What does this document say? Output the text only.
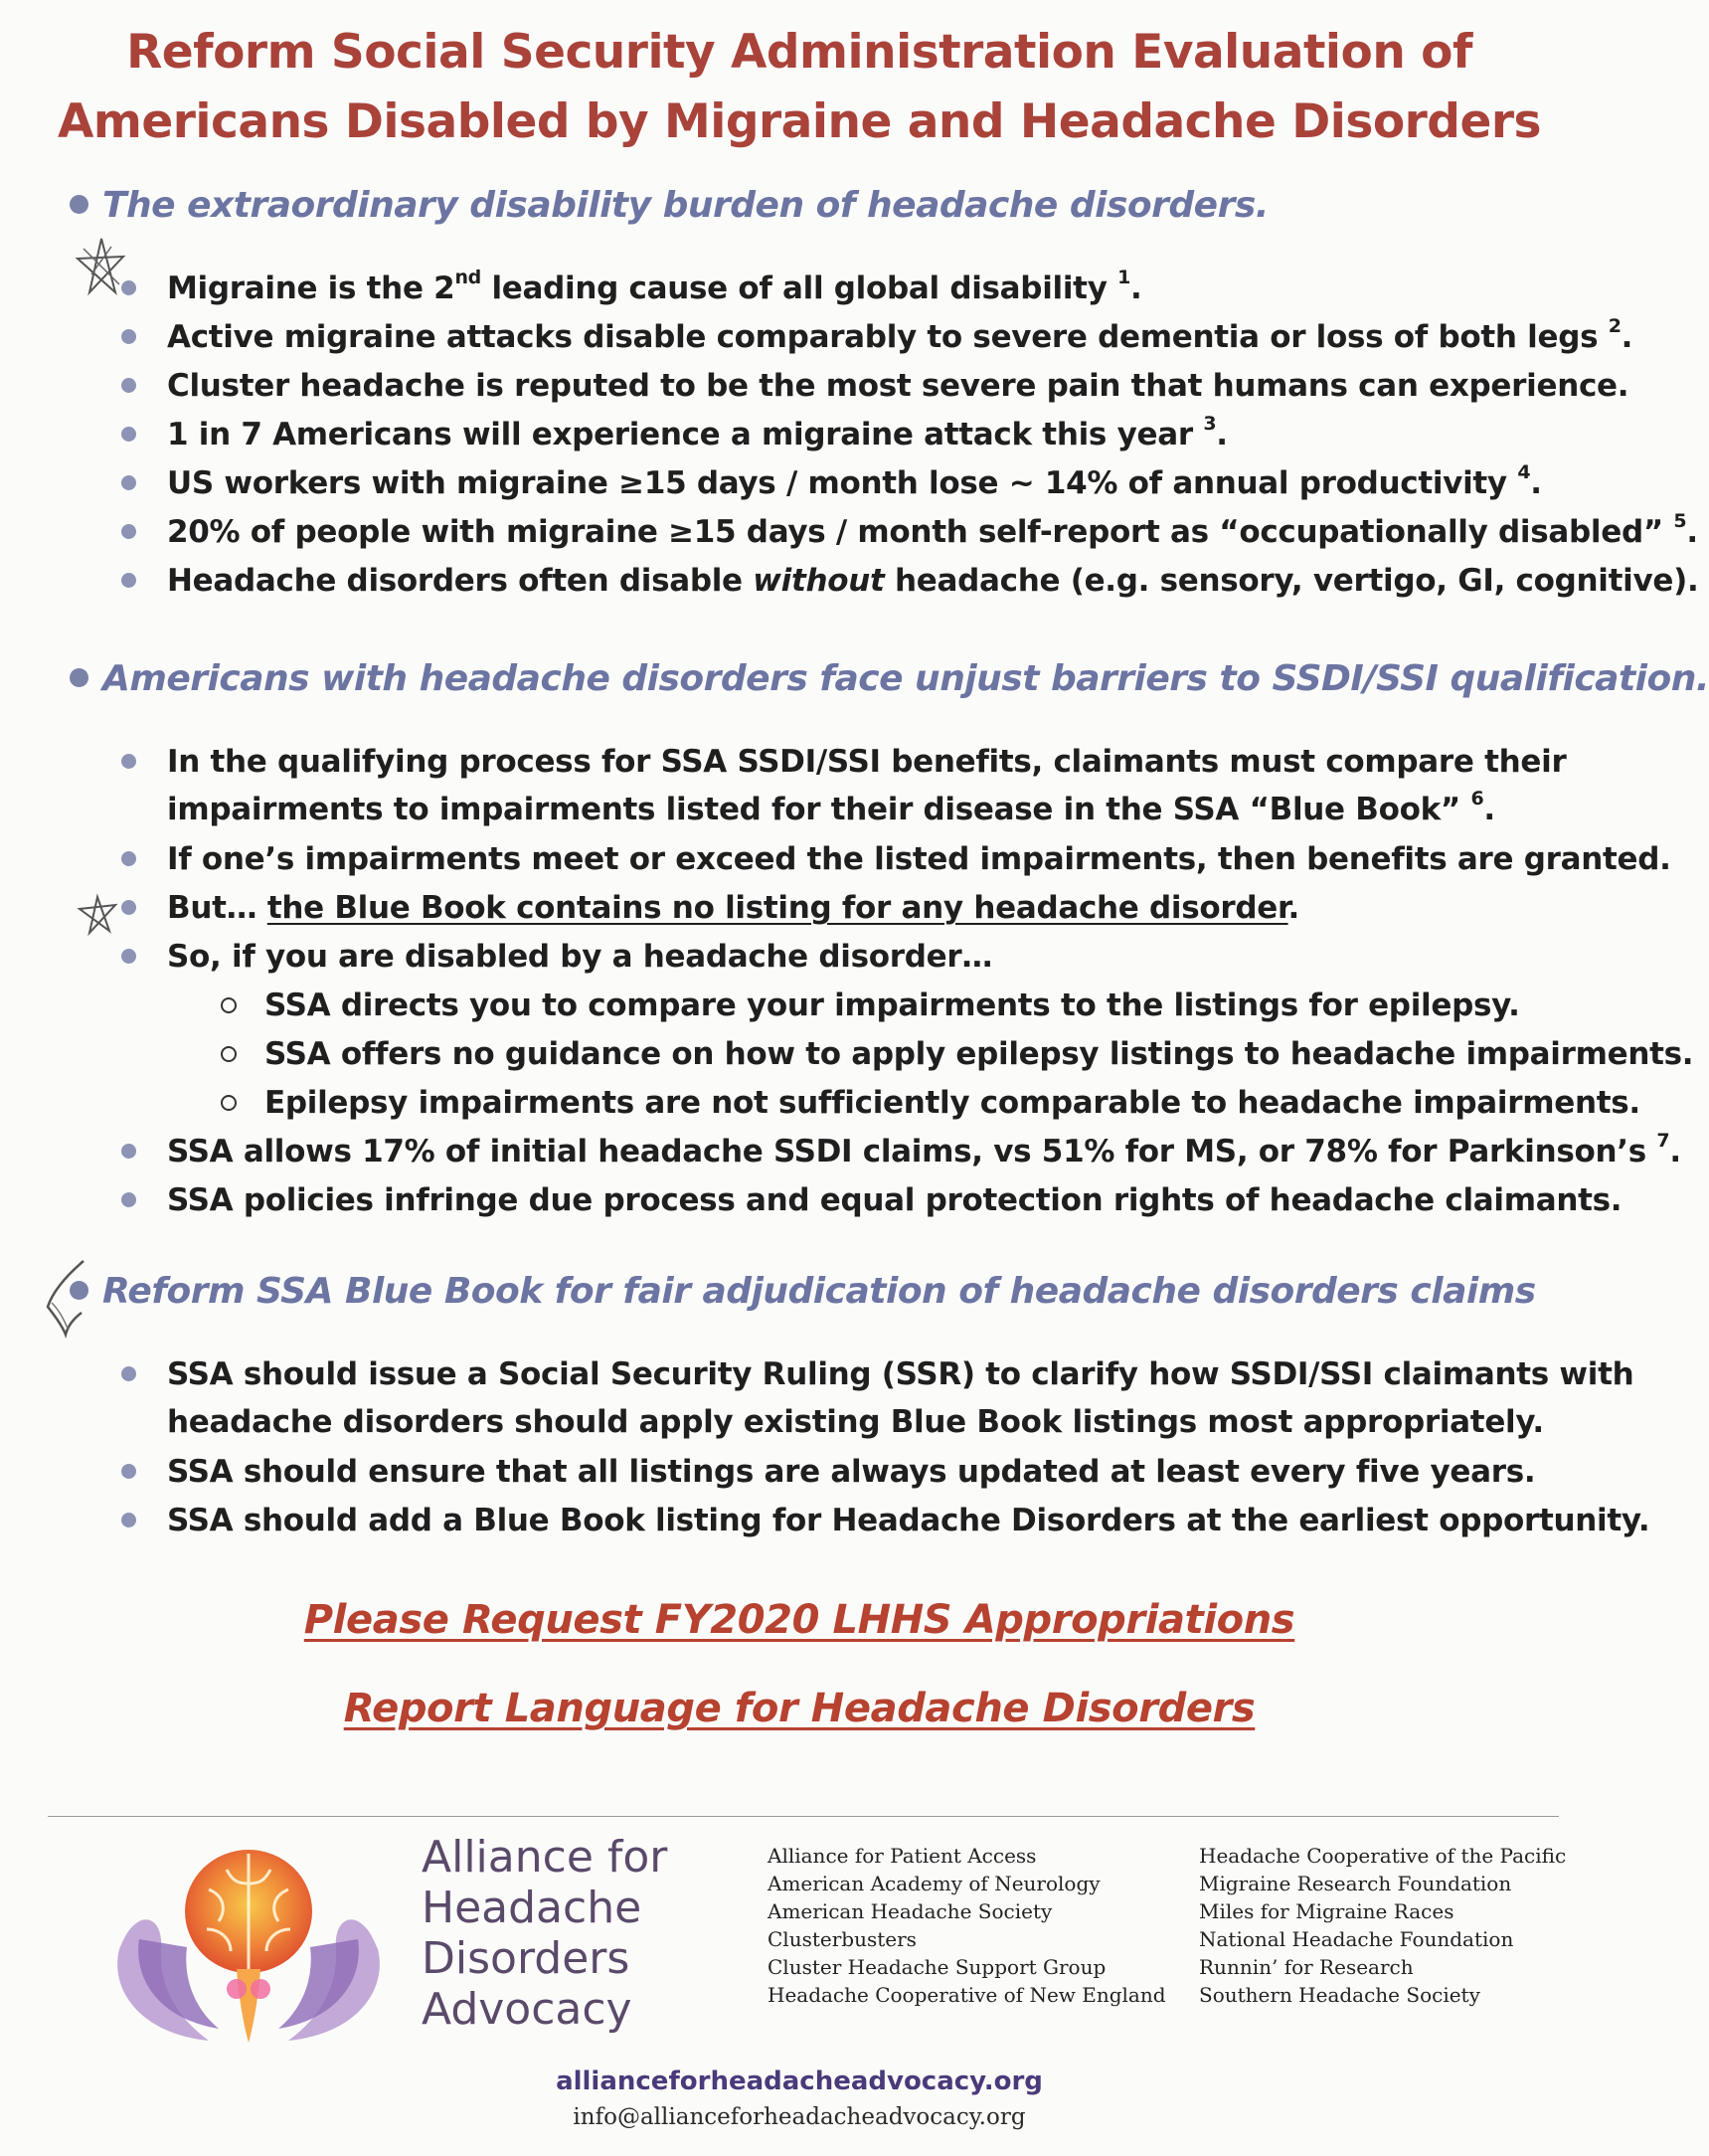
Reform Social Security Administration Evaluation of
Americans Disabled by Migraine and Headache Disorders
The extraordinary disability burden of headache disorders.
Migraine is the 2nd leading cause of all global disability $^1$.
Active migraine attacks disable comparably to severe dementia or loss of both legs $^2$.
Cluster headache is reputed to be the most severe pain that humans can experience.
1 in 7 Americans will experience a migraine attack this year $^3$.
US workers with migraine ≥15 days / month lose ~ 14% of annual productivity $^4$.
20% of people with migraine ≥15 days / month self-report as “occupationally disabled” $^5$.
Headache disorders often disable without headache (e.g. sensory, vertigo, GI, cognitive).
Americans with headache disorders face unjust barriers to SSDI/SSI qualification.
In the qualifying process for SSA SSDI/SSI benefits, claimants must compare their
impairments to impairments listed for their disease in the SSA “Blue Book” $^6$.
If one’s impairments meet or exceed the listed impairments, then benefits are granted.
But… the Blue Book contains no listing for any headache disorder.
So, if you are disabled by a headache disorder…
SSA directs you to compare your impairments to the listings for epilepsy.
SSA offers no guidance on how to apply epilepsy listings to headache impairments.
Epilepsy impairments are not sufficiently comparable to headache impairments.
SSA allows 17% of initial headache SSDI claims, vs 51% for MS, or 78% for Parkinson’s $^7$.
SSA policies infringe due process and equal protection rights of headache claimants.
Reform SSA Blue Book for fair adjudication of headache disorders claims
SSA should issue a Social Security Ruling (SSR) to clarify how SSDI/SSI claimants with
headache disorders should apply existing Blue Book listings most appropriately.
SSA should ensure that all listings are always updated at least every five years.
SSA should add a Blue Book listing for Headache Disorders at the earliest opportunity.
Please Request FY2020 LHHS Appropriations
Report Language for Headache Disorders
Alliance for
Headache
Disorders
Advocacy
Alliance for Patient Access
American Academy of Neurology
American Headache Society
Clusterbusters
Cluster Headache Support Group
Headache Cooperative of New England
Headache Cooperative of the Pacific
Migraine Research Foundation
Miles for Migraine Races
National Headache Foundation
Runnin’ for Research
Southern Headache Society
allianceforheadacheadvocacy.org
info@allianceforheadacheadvocacy.org
